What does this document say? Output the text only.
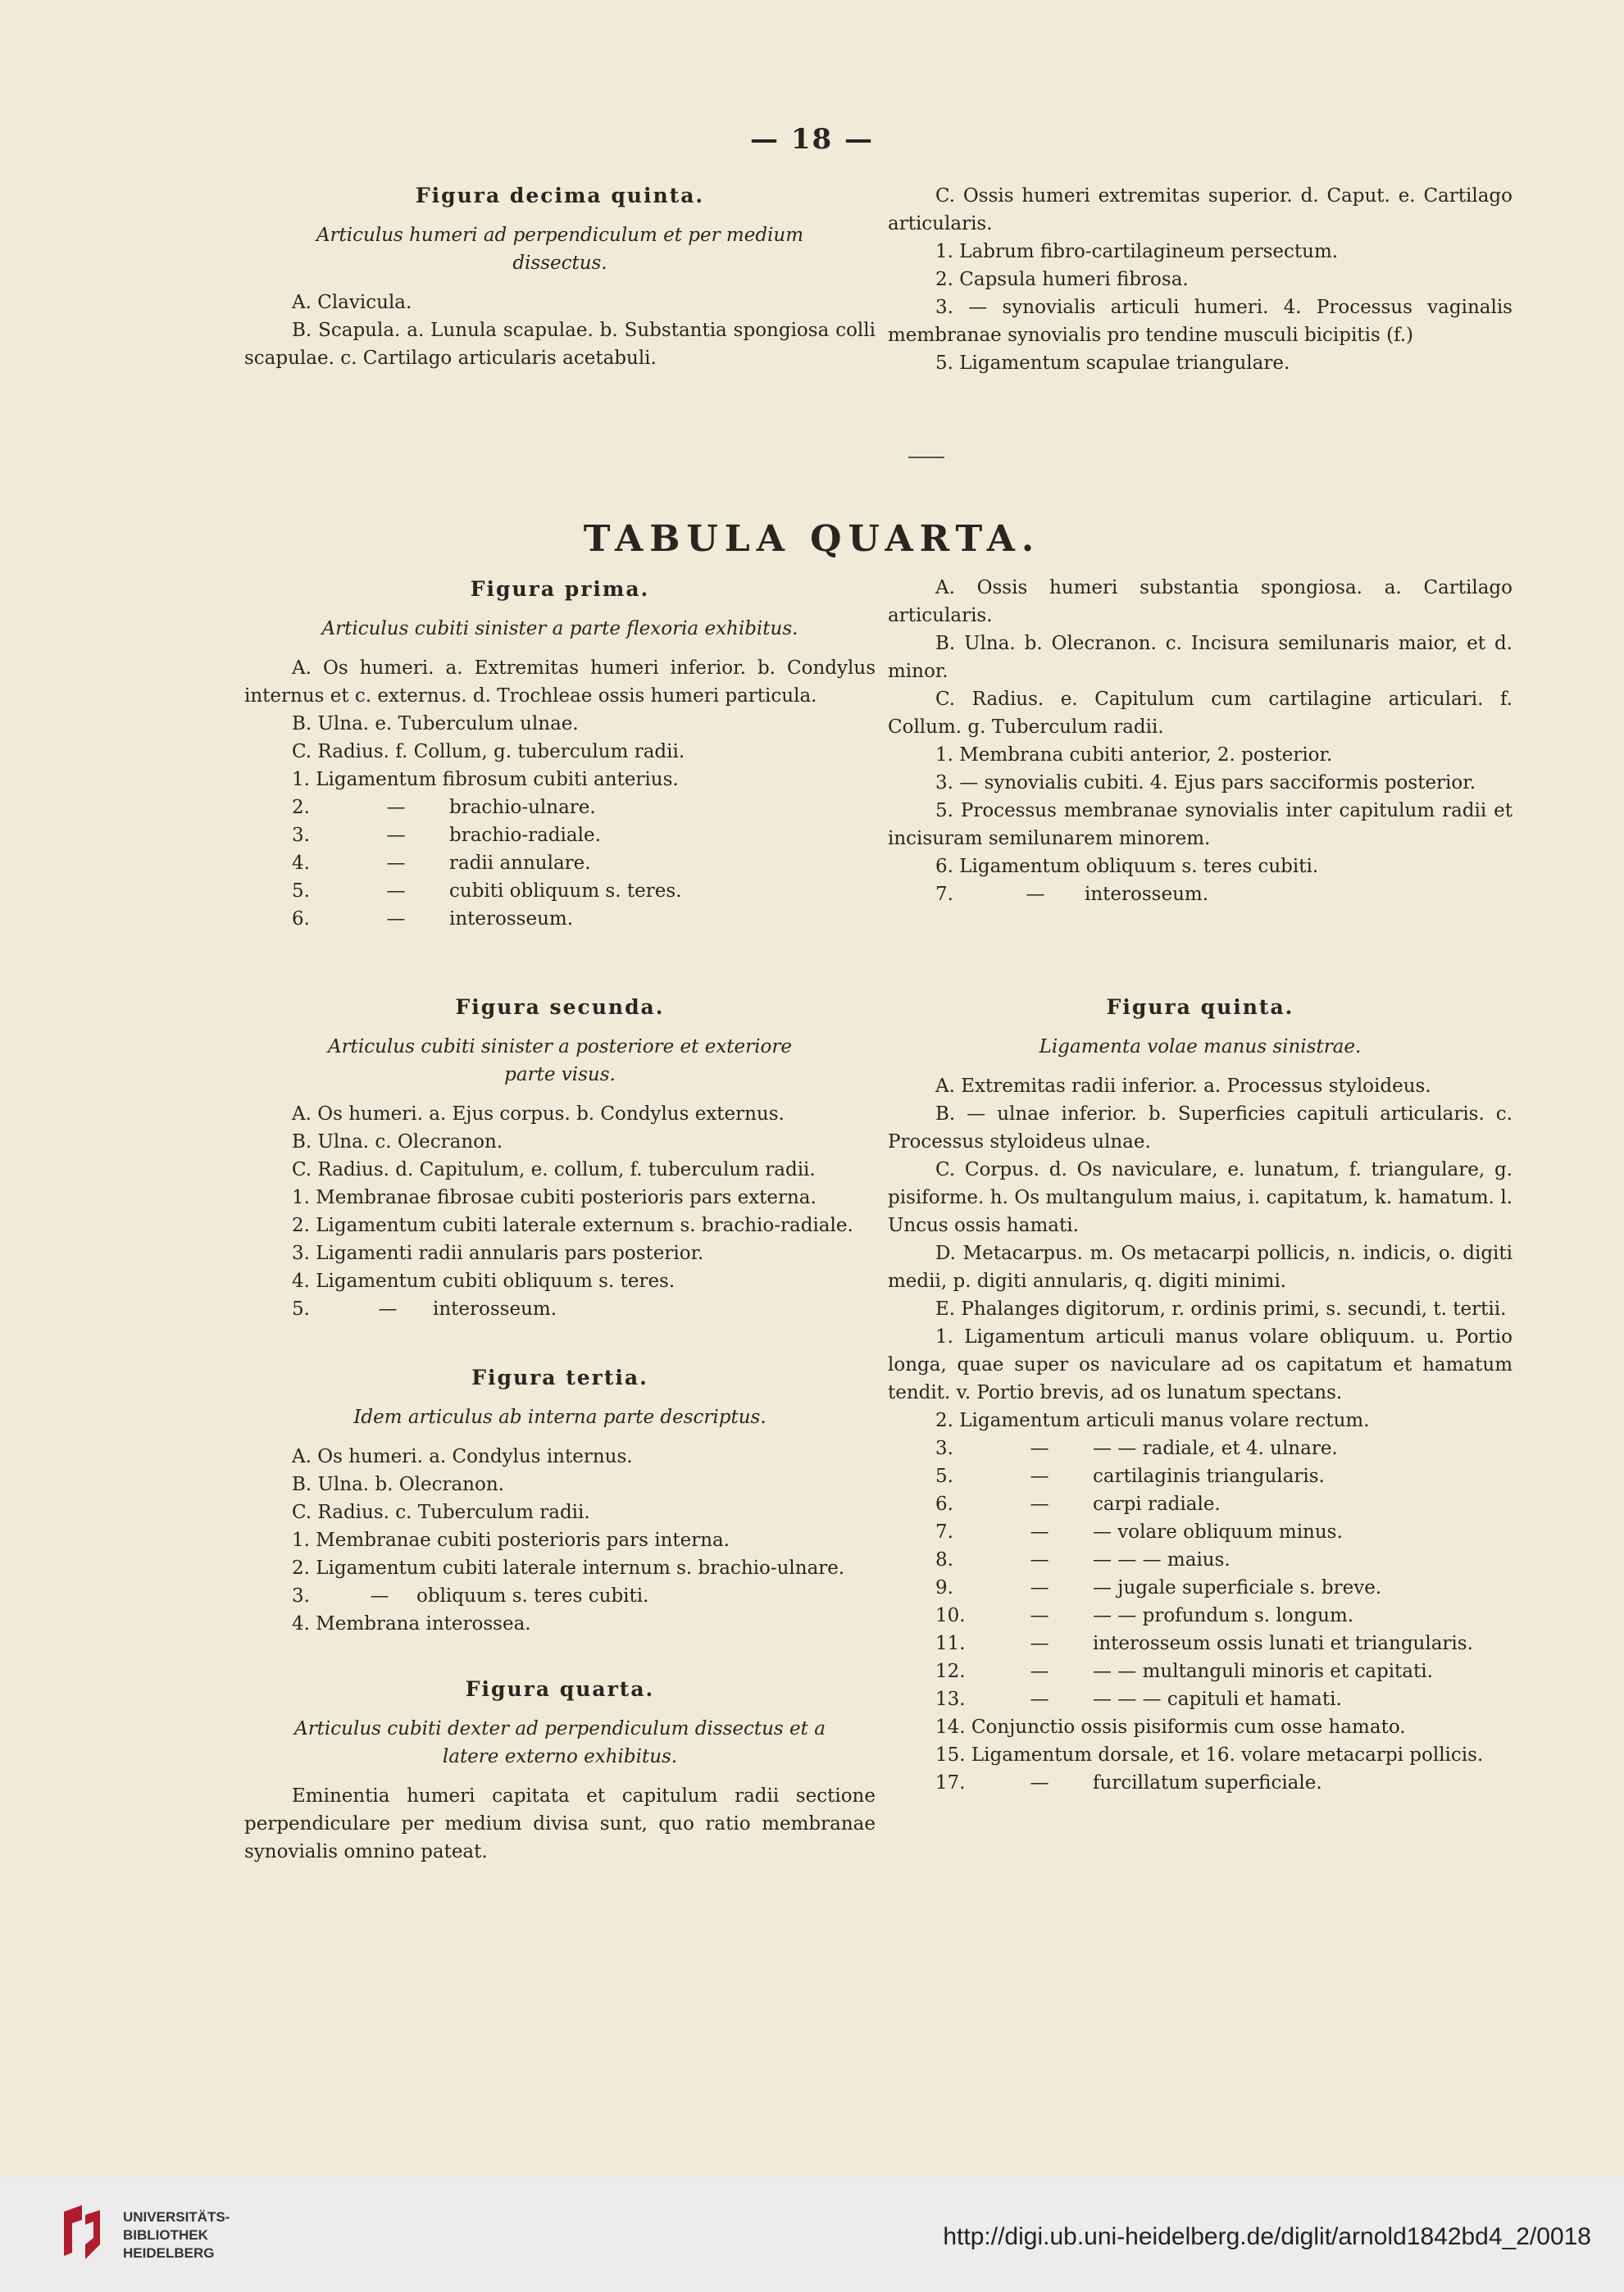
— 18 —
Figura decima quinta.
Articulus humeri ad perpendiculum et per medium
dissectus.

A. Clavicula.

B. Scapula. a. Lunula scapulae. b. Substantia spongiosa colli scapulae. c. Cartilago articularis acetabuli.

C. Ossis humeri extremitas superior. d. Caput. e. Cartilago articularis.

1. Labrum fibro-cartilagineum persectum.

2. Capsula humeri fibrosa.

3. — synovialis articuli humeri. 4. Processus vaginalis membranae synovialis pro tendine musculi bicipitis (f.)

5. Ligamentum scapulae triangulare.

TABULA QUARTA.
Figura prima.
Articulus cubiti sinister a parte flexoria exhibitus.

A. Os humeri. a. Extremitas humeri inferior. b. Condylus internus et c. externus. d. Trochleae ossis humeri particula.

B. Ulna. e. Tuberculum ulnae.

C. Radius. f. Collum, g. tuberculum radii.

1. Ligamentum fibrosum cubiti anterius.

2.	—	brachio-ulnare.
3.	—	brachio-radiale.
4.	—	radii annulare.
5.	—	cubiti obliquum s. teres.
6.	—	interosseum.
Figura secunda.
Articulus cubiti sinister a posteriore et exteriore
parte visus.

A. Os humeri. a. Ejus corpus. b. Condylus externus.

B. Ulna. c. Olecranon.

C. Radius. d. Capitulum, e. collum, f. tuberculum radii.

1. Membranae fibrosae cubiti posterioris pars externa.

2. Ligamentum cubiti laterale externum s. brachio-radiale.

3. Ligamenti radii annularis pars posterior.

4. Ligamentum cubiti obliquum s. teres.

5.	—	interosseum.
Figura tertia.
Idem articulus ab interna parte descriptus.

A. Os humeri. a. Condylus internus.

B. Ulna. b. Olecranon.

C. Radius. c. Tuberculum radii.

1. Membranae cubiti posterioris pars interna.

2. Ligamentum cubiti laterale internum s. brachio-ulnare.

3.	—	obliquum s. teres cubiti.

4. Membrana interossea.

Figura quarta.
Articulus cubiti dexter ad perpendiculum dissectus et a
latere externo exhibitus.

Eminentia humeri capitata et capitulum radii sectione perpendiculare per medium divisa sunt, quo ratio membranae synovialis omnino pateat.

A. Ossis humeri substantia spongiosa. a. Cartilago articularis.

B. Ulna. b. Olecranon. c. Incisura semilunaris maior, et d. minor.

C. Radius. e. Capitulum cum cartilagine articulari. f. Collum. g. Tuberculum radii.

1. Membrana cubiti anterior, 2. posterior.

3. — synovialis cubiti. 4. Ejus pars sacciformis posterior.

5. Processus membranae synovialis inter capitulum radii et incisuram semilunarem minorem.

6. Ligamentum obliquum s. teres cubiti.

7.	—	interosseum.
Figura quinta.
Ligamenta volae manus sinistrae.

A. Extremitas radii inferior. a. Processus styloideus.

B. — ulnae inferior. b. Superficies capituli articularis. c. Processus styloideus ulnae.

C. Corpus. d. Os naviculare, e. lunatum, f. triangulare, g. pisiforme. h. Os multangulum maius, i. capitatum, k. hamatum. l. Uncus ossis hamati.

D. Metacarpus. m. Os metacarpi pollicis, n. indicis, o. digiti medii, p. digiti annularis, q. digiti minimi.

E. Phalanges digitorum, r. ordinis primi, s. secundi, t. tertii.

1. Ligamentum articuli manus volare obliquum. u. Portio longa, quae super os naviculare ad os capitatum et hamatum tendit. v. Portio brevis, ad os lunatum spectans.

2. Ligamentum articuli manus volare rectum.

3.	—	— — radiale, et 4. ulnare.
5.	—	cartilaginis triangularis.
6.	—	carpi radiale.
7.	—	— volare obliquum minus.
8.	—	— — — maius.
9.	—	— jugale superficiale s. breve.
10.	—	— — profundum s. longum.
11.	—	interosseum ossis lunati et triangularis.
12.	—	— — multanguli minoris et capitati.
13.	—	— — — capituli et hamati.

14. Conjunctio ossis pisiformis cum osse hamato.

15. Ligamentum dorsale, et 16. volare metacarpi pollicis.

17.	—	furcillatum superficiale.
UNIVERSITÄTS-
BIBLIOTHEK
HEIDELBERG
http://digi.ub.uni-heidelberg.de/diglit/arnold1842bd4_2/0018
